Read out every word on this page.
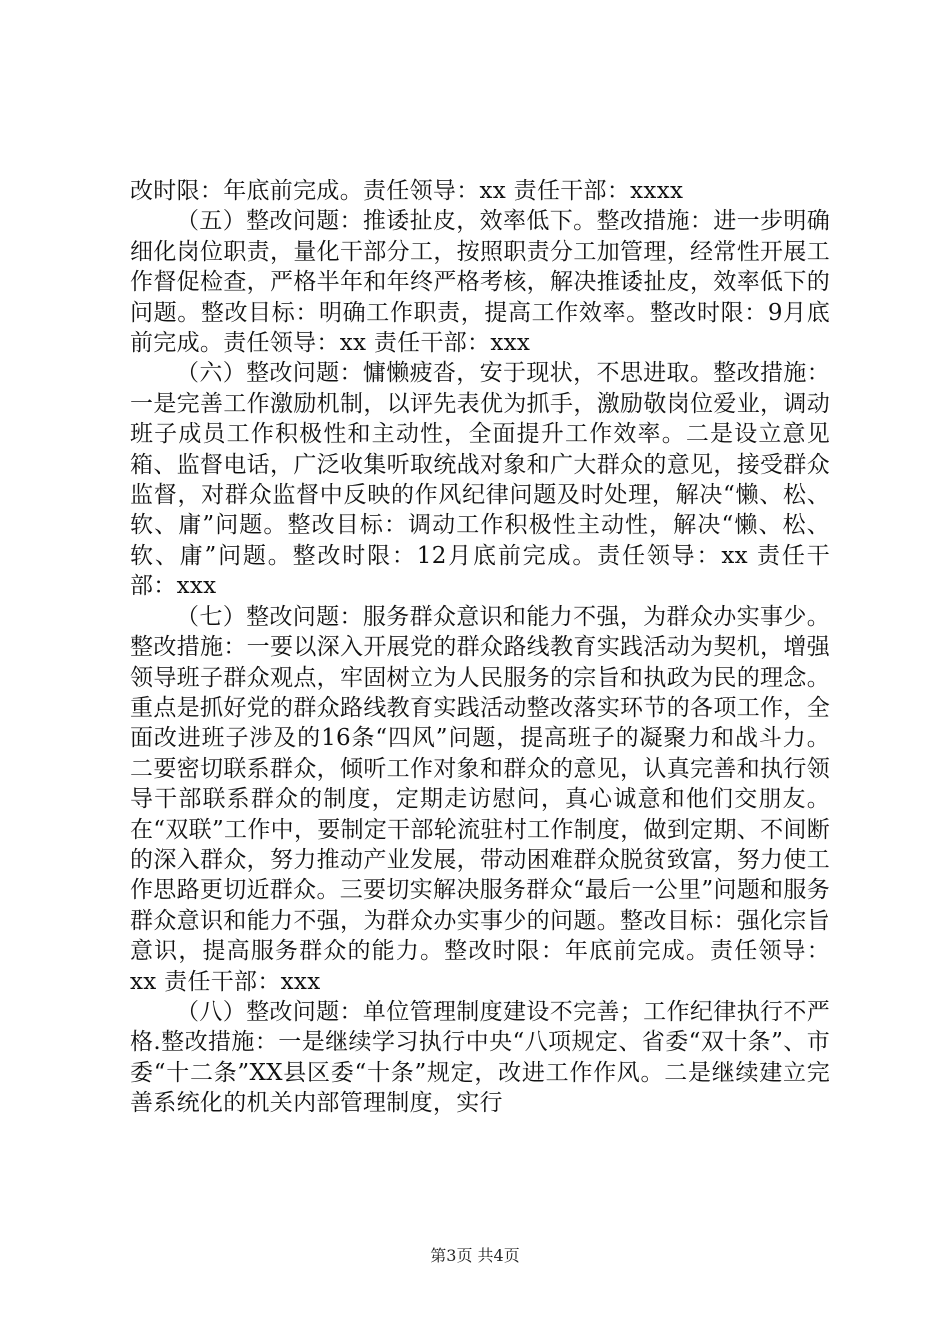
改时限：年底前完成。责任领导：xx 责任干部：xxxx

（五）整改问题：推诿扯皮，效率低下。整改措施：进一步明确细化岗位职责，量化干部分工，按照职责分工加管理，经常性开展工作督促检查，严格半年和年终严格考核，解决推诿扯皮，效率低下的问题。整改目标：明确工作职责，提高工作效率。整改时限：9月底前完成。责任领导：xx 责任干部：xxx

（六）整改问题：慵懒疲沓，安于现状，不思进取。整改措施：一是完善工作激励机制，以评先表优为抓手，激励敬岗位爱业，调动班子成员工作积极性和主动性，全面提升工作效率。二是设立意见箱、监督电话，广泛收集听取统战对象和广大群众的意见，接受群众监督，对群众监督中反映的作风纪律问题及时处理，解决“懒、松、软、庸”问题。整改目标：调动工作积极性主动性，解决“懒、松、软、庸”问题。整改时限：12月底前完成。责任领导：xx 责任干部：xxx

（七）整改问题：服务群众意识和能力不强，为群众办实事少。整改措施：一要以深入开展党的群众路线教育实践活动为契机，增强领导班子群众观点，牢固树立为人民服务的宗旨和执政为民的理念。重点是抓好党的群众路线教育实践活动整改落实环节的各项工作，全面改进班子涉及的16条“四风”问题，提高班子的凝聚力和战斗力。二要密切联系群众，倾听工作对象和群众的意见，认真完善和执行领导干部联系群众的制度，定期走访慰问，真心诚意和他们交朋友。在“双联”工作中，要制定干部轮流驻村工作制度，做到定期、不间断的深入群众，努力推动产业发展，带动困难群众脱贫致富，努力使工作思路更切近群众。三要切实解决服务群众“最后一公里”问题和服务群众意识和能力不强，为群众办实事少的问题。整改目标：强化宗旨意识，提高服务群众的能力。整改时限：年底前完成。责任领导：xx 责任干部：xxx

（八）整改问题：单位管理制度建设不完善；工作纪律执行不严格.整改措施：一是继续学习执行中央“八项规定、省委“双十条”、市委“十二条”XX县区委“十条”规定，改进工作作风。二是继续建立完善系统化的机关内部管理制度，实行

第3页 共4页
